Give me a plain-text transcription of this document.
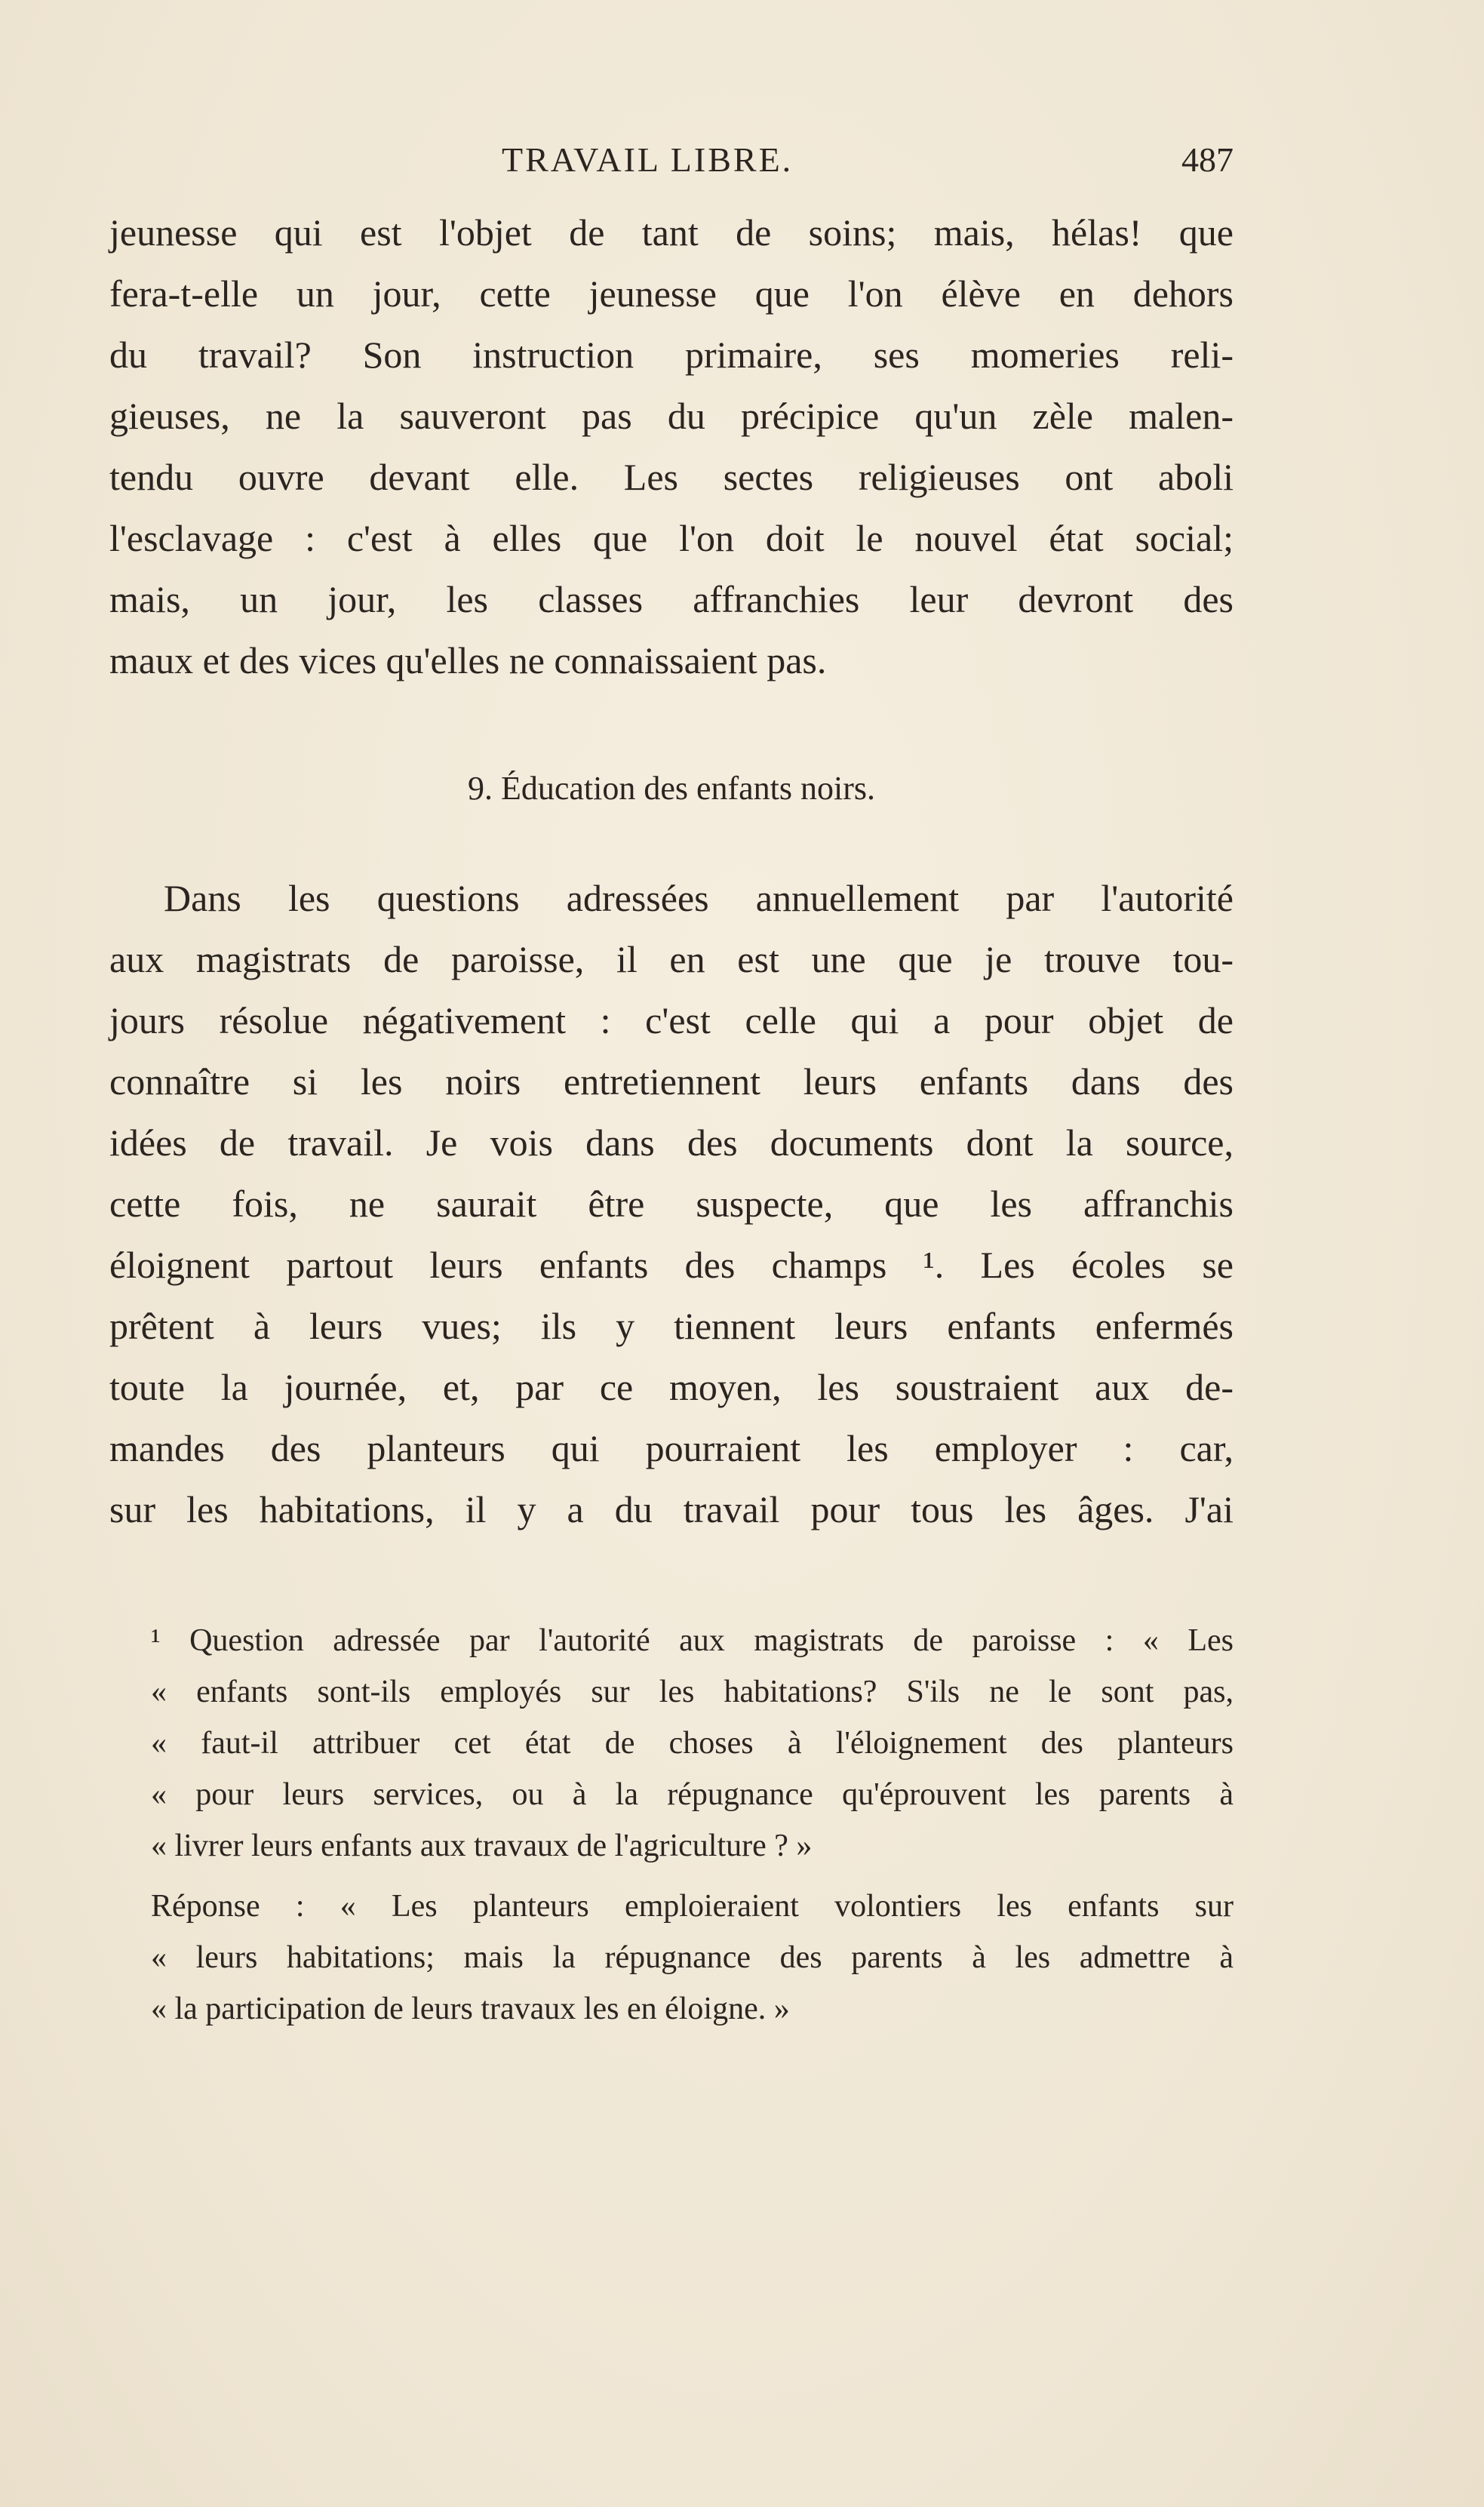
TRAVAIL LIBRE.	487
jeunesse qui est l'objet de tant de soins; mais, hélas! que
fera-t-elle un jour, cette jeunesse que l'on élève en dehors
du travail? Son instruction primaire, ses momeries reli-
gieuses, ne la sauveront pas du précipice qu'un zèle malen-
tendu ouvre devant elle. Les sectes religieuses ont aboli
l'esclavage : c'est à elles que l'on doit le nouvel état social;
mais, un jour, les classes affranchies leur devront des
maux et des vices qu'elles ne connaissaient pas.
9. Éducation des enfants noirs.
Dans les questions adressées annuellement par l'autorité
aux magistrats de paroisse, il en est une que je trouve tou-
jours résolue négativement : c'est celle qui a pour objet de
connaître si les noirs entretiennent leurs enfants dans des
idées de travail. Je vois dans des documents dont la source,
cette fois, ne saurait être suspecte, que les affranchis
éloignent partout leurs enfants des champs ¹. Les écoles se
prêtent à leurs vues; ils y tiennent leurs enfants enfermés
toute la journée, et, par ce moyen, les soustraient aux de-
mandes des planteurs qui pourraient les employer : car,
sur les habitations, il y a du travail pour tous les âges. J'ai
¹ Question adressée par l'autorité aux magistrats de paroisse : « Les
« enfants sont-ils employés sur les habitations? S'ils ne le sont pas,
« faut-il attribuer cet état de choses à l'éloignement des planteurs
« pour leurs services, ou à la répugnance qu'éprouvent les parents à
« livrer leurs enfants aux travaux de l'agriculture ? »
Réponse : « Les planteurs emploieraient volontiers les enfants sur
« leurs habitations; mais la répugnance des parents à les admettre à
« la participation de leurs travaux les en éloigne. »
